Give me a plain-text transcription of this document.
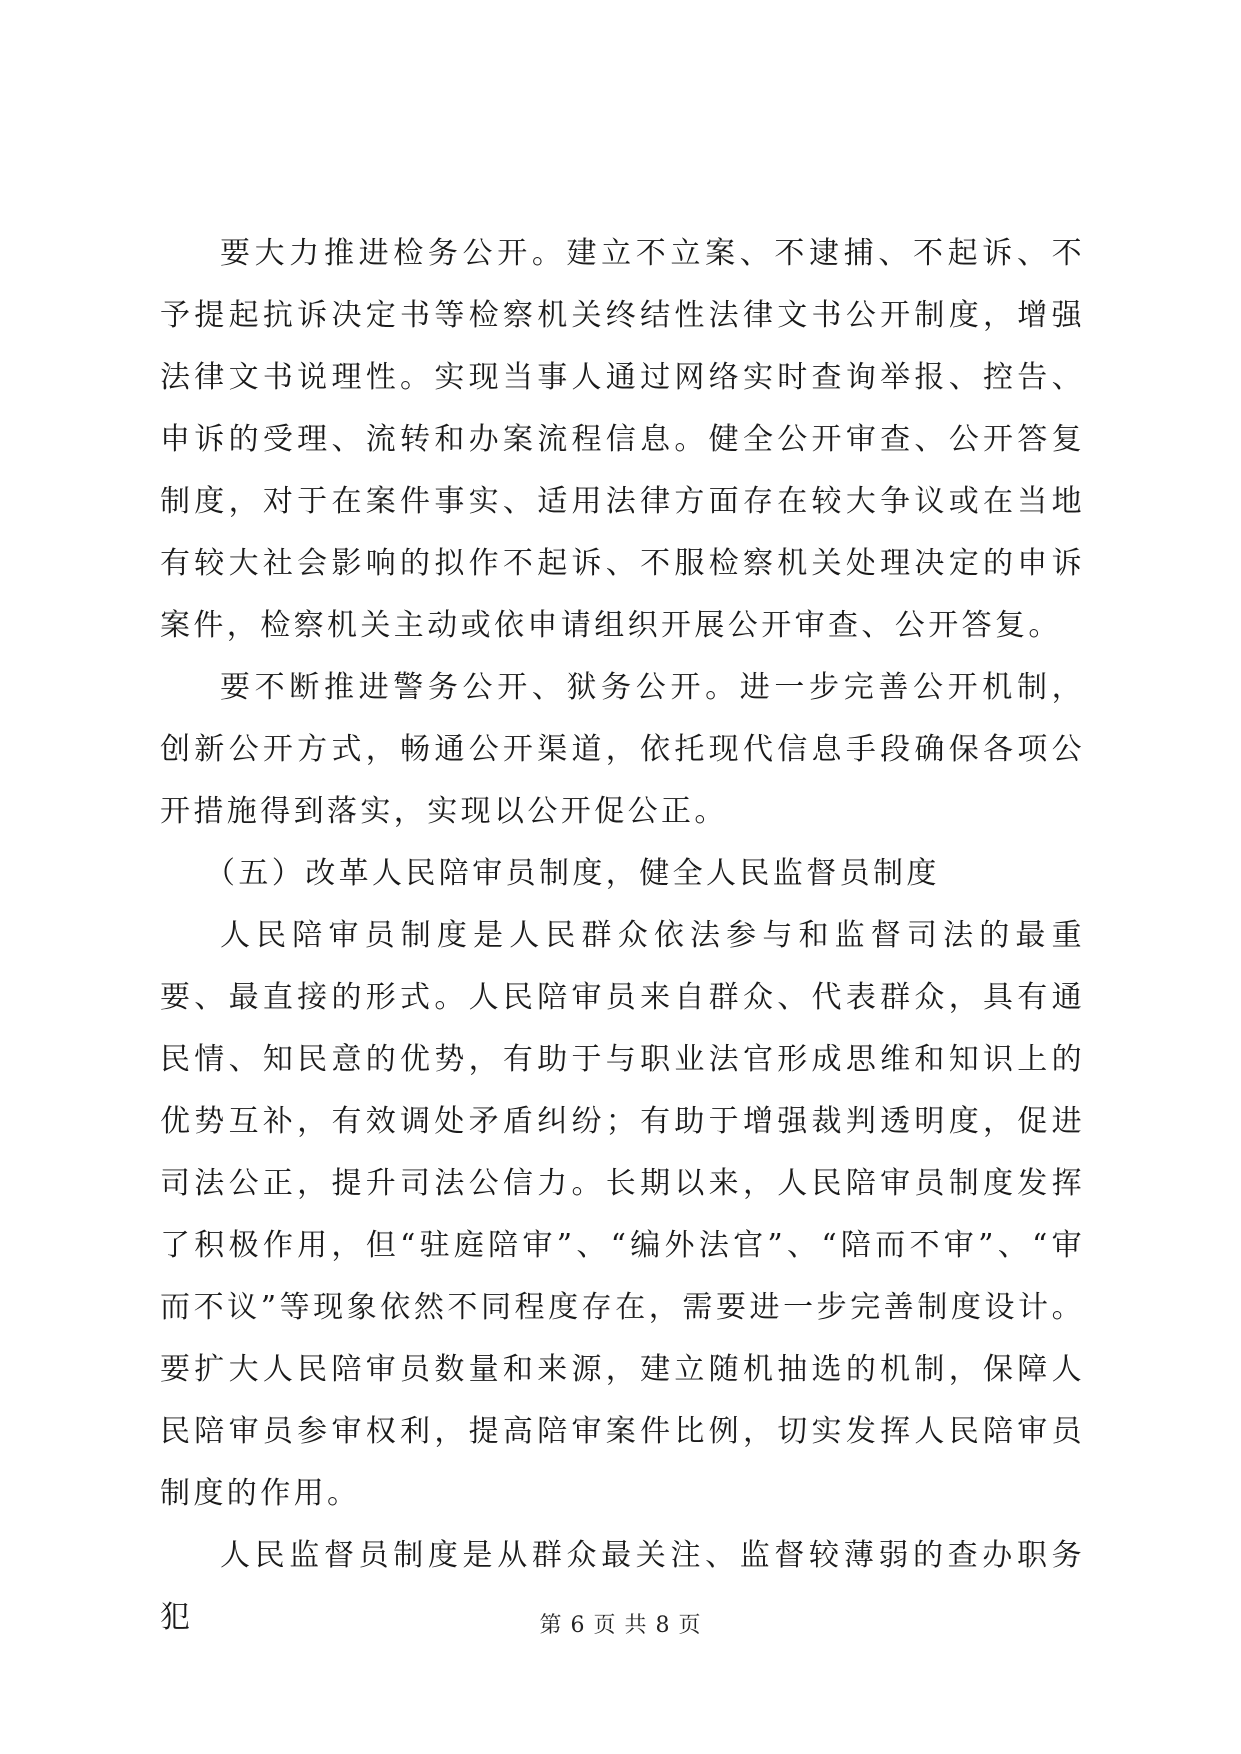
要大力推进检务公开。建立不立案、不逮捕、不起诉、不予提起抗诉决定书等检察机关终结性法律文书公开制度，增强法律文书说理性。实现当事人通过网络实时查询举报、控告、申诉的受理、流转和办案流程信息。健全公开审查、公开答复制度，对于在案件事实、适用法律方面存在较大争议或在当地有较大社会影响的拟作不起诉、不服检察机关处理决定的申诉案件，检察机关主动或依申请组织开展公开审查、公开答复。

要不断推进警务公开、狱务公开。进一步完善公开机制，创新公开方式，畅通公开渠道，依托现代信息手段确保各项公开措施得到落实，实现以公开促公正。

（五）改革人民陪审员制度，健全人民监督员制度

人民陪审员制度是人民群众依法参与和监督司法的最重要、最直接的形式。人民陪审员来自群众、代表群众，具有通民情、知民意的优势，有助于与职业法官形成思维和知识上的优势互补，有效调处矛盾纠纷；有助于增强裁判透明度，促进司法公正，提升司法公信力。长期以来，人民陪审员制度发挥了积极作用，但“驻庭陪审”、“编外法官”、“陪而不审”、“审而不议”等现象依然不同程度存在，需要进一步完善制度设计。要扩大人民陪审员数量和来源，建立随机抽选的机制，保障人民陪审员参审权利，提高陪审案件比例，切实发挥人民陪审员制度的作用。

人民监督员制度是从群众最关注、监督较薄弱的查办职务犯	第 6 页 共 8 页
